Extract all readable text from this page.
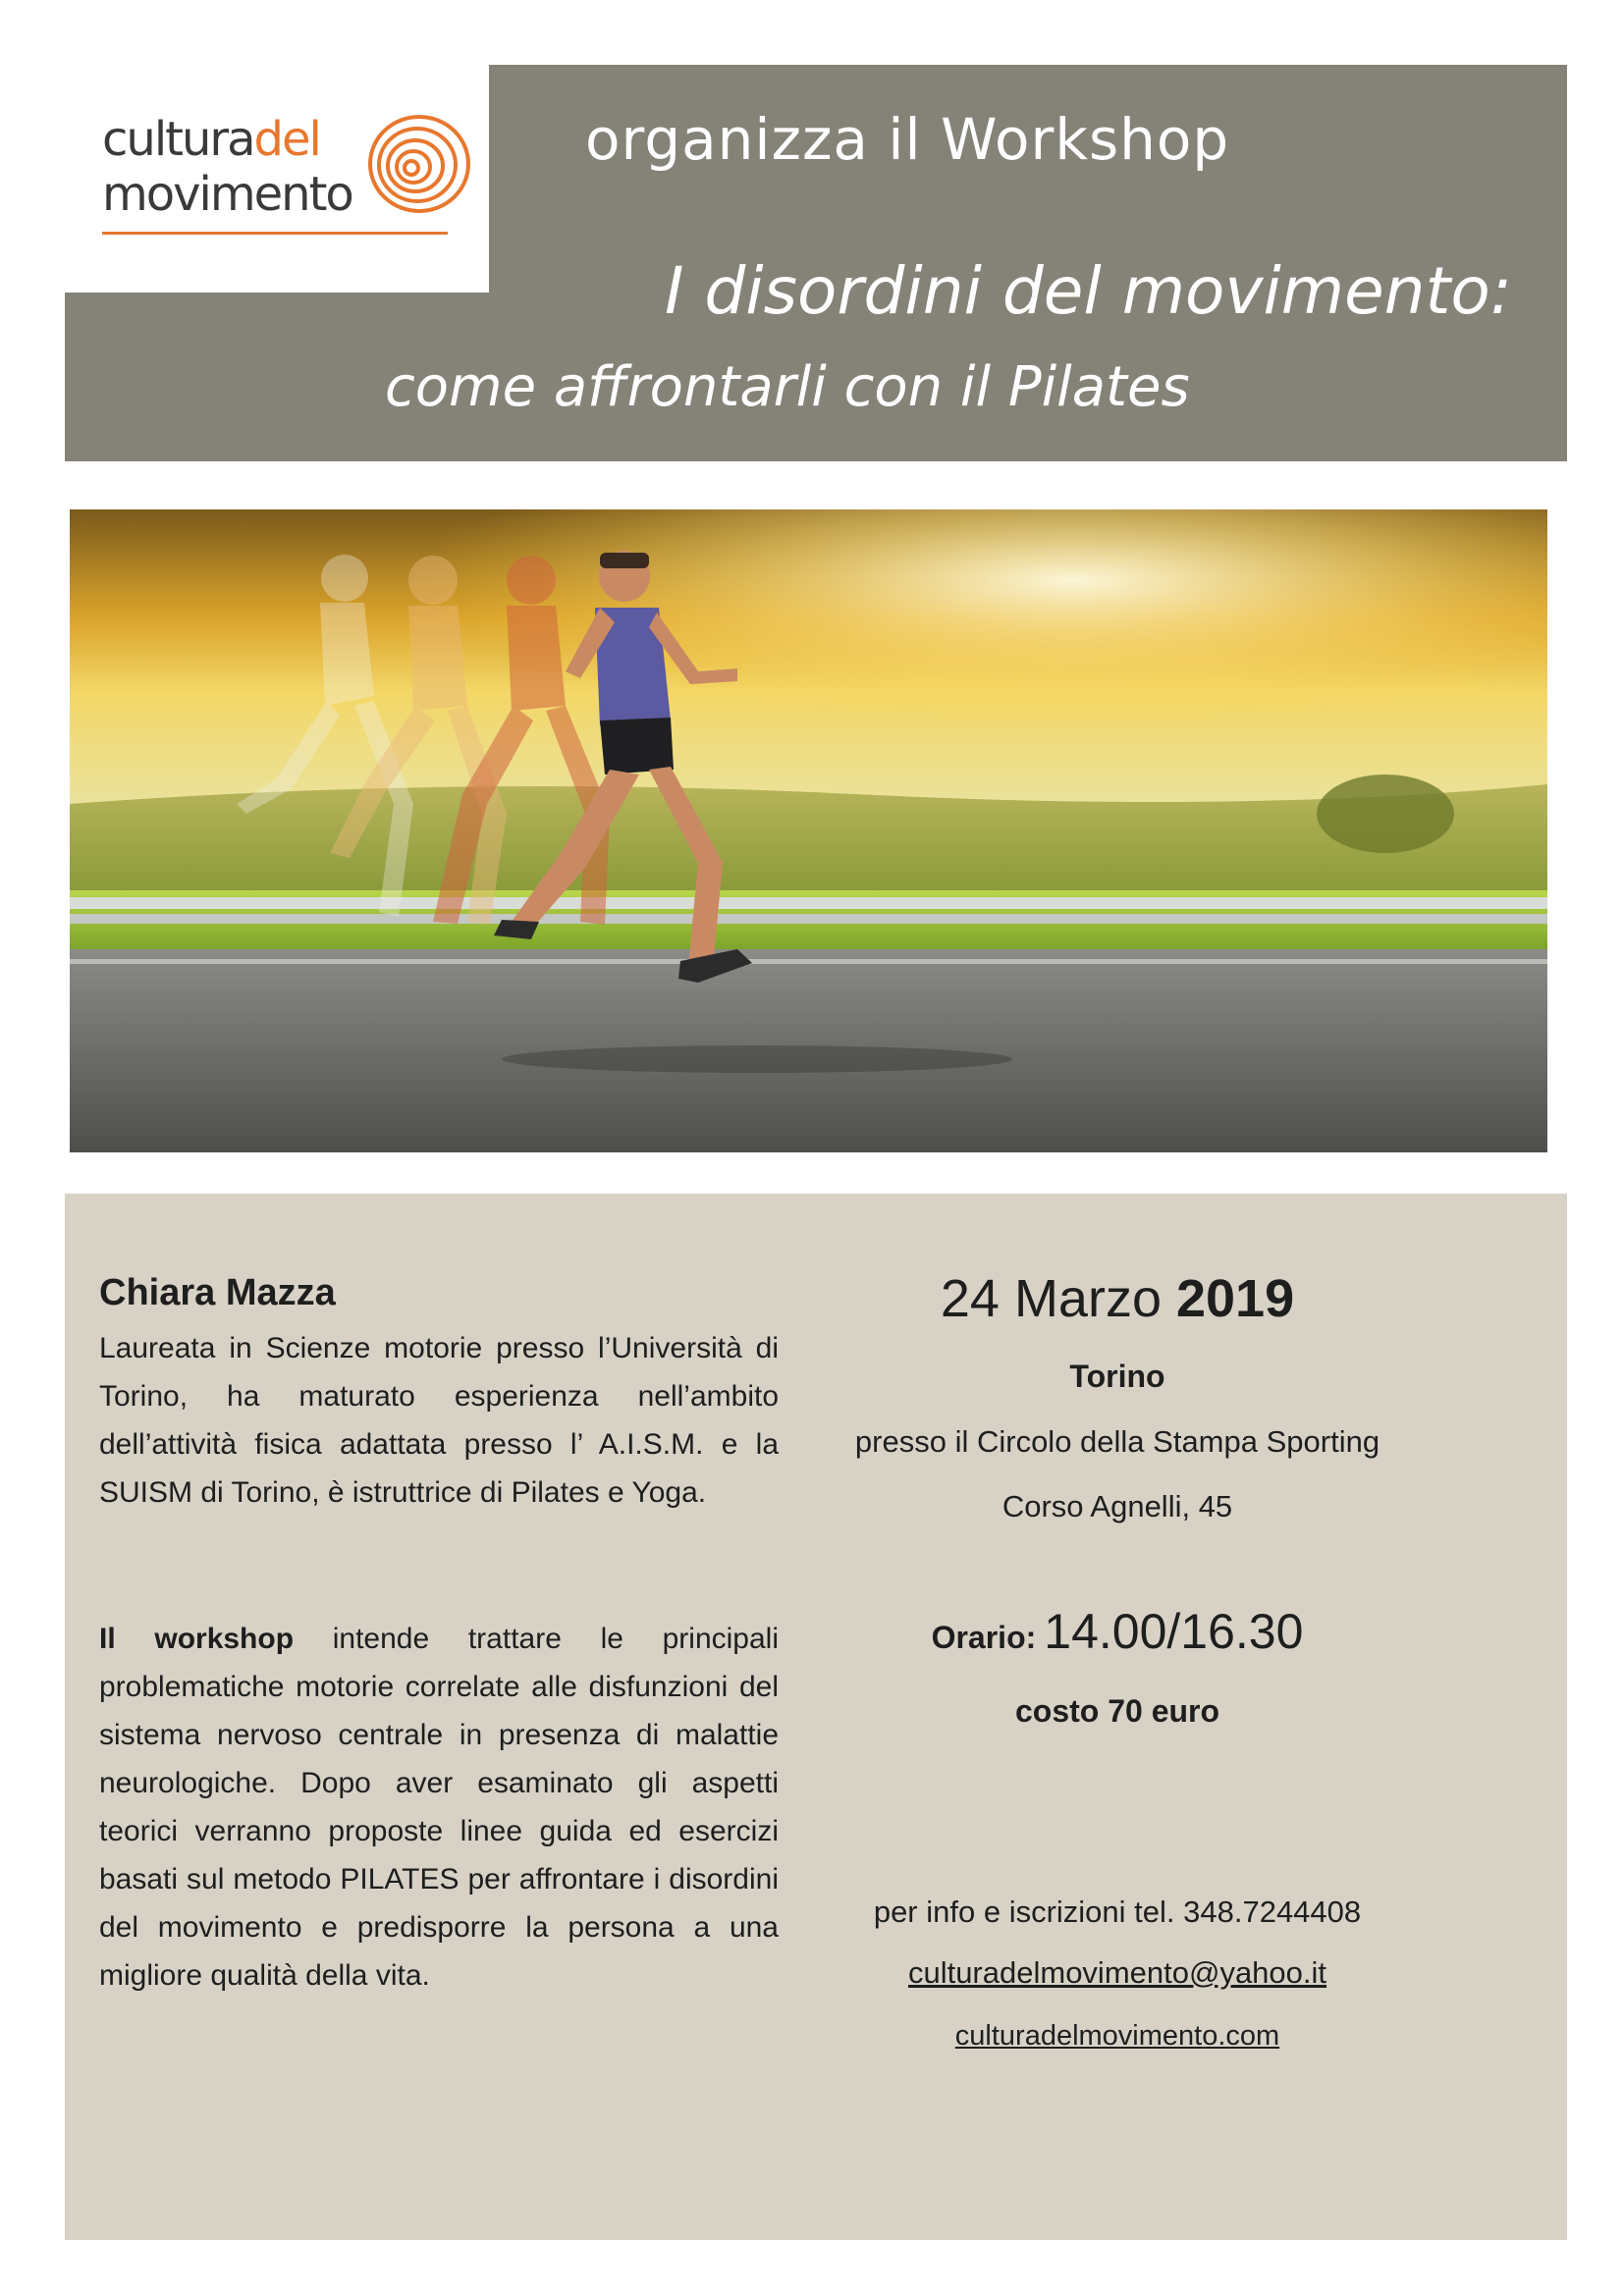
culturadel
movimento
organizza il Workshop
I disordini del movimento:
come affrontarli con il Pilates
Chiara Mazza

Laureata in Scienze motorie presso l’Università di Torino, ha maturato esperienza nell’ambito dell’attività fisica adattata presso l’ A.I.S.M. e la SUISM di Torino, è istruttrice di Pilates e Yoga.

Il workshop intende trattare le principali problematiche motorie correlate alle disfunzioni del sistema nervoso centrale in presenza di malattie neurologiche. Dopo aver esaminato gli aspetti teorici verranno proposte linee guida ed esercizi basati sul metodo PILATES per affrontare i disordini del movimento e predisporre la persona a una migliore qualità della vita.

24 Marzo 2019
Torino
presso il Circolo della Stampa Sporting
Corso Agnelli, 45
Orario: 14.00/16.30
costo 70 euro
per info e iscrizioni tel. 348.7244408
culturadelmovimento@yahoo.it
culturadelmovimento.com
